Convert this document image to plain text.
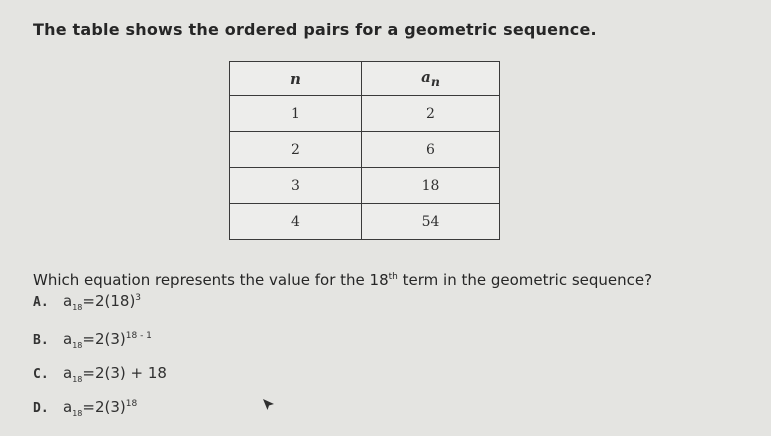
The table shows the ordered pairs for a geometric sequence.
n	$a_n$
1	2
2	6
3	18
4	54
Which equation represents the value for the 18th term in the geometric sequence?
A. $a_{18}=2(18)^3$
B. $a_{18}=2(3)^{18 - 1}$
C. $a_{18}=2(3) + 18$
D. $a_{18}=2(3)^{18}$
